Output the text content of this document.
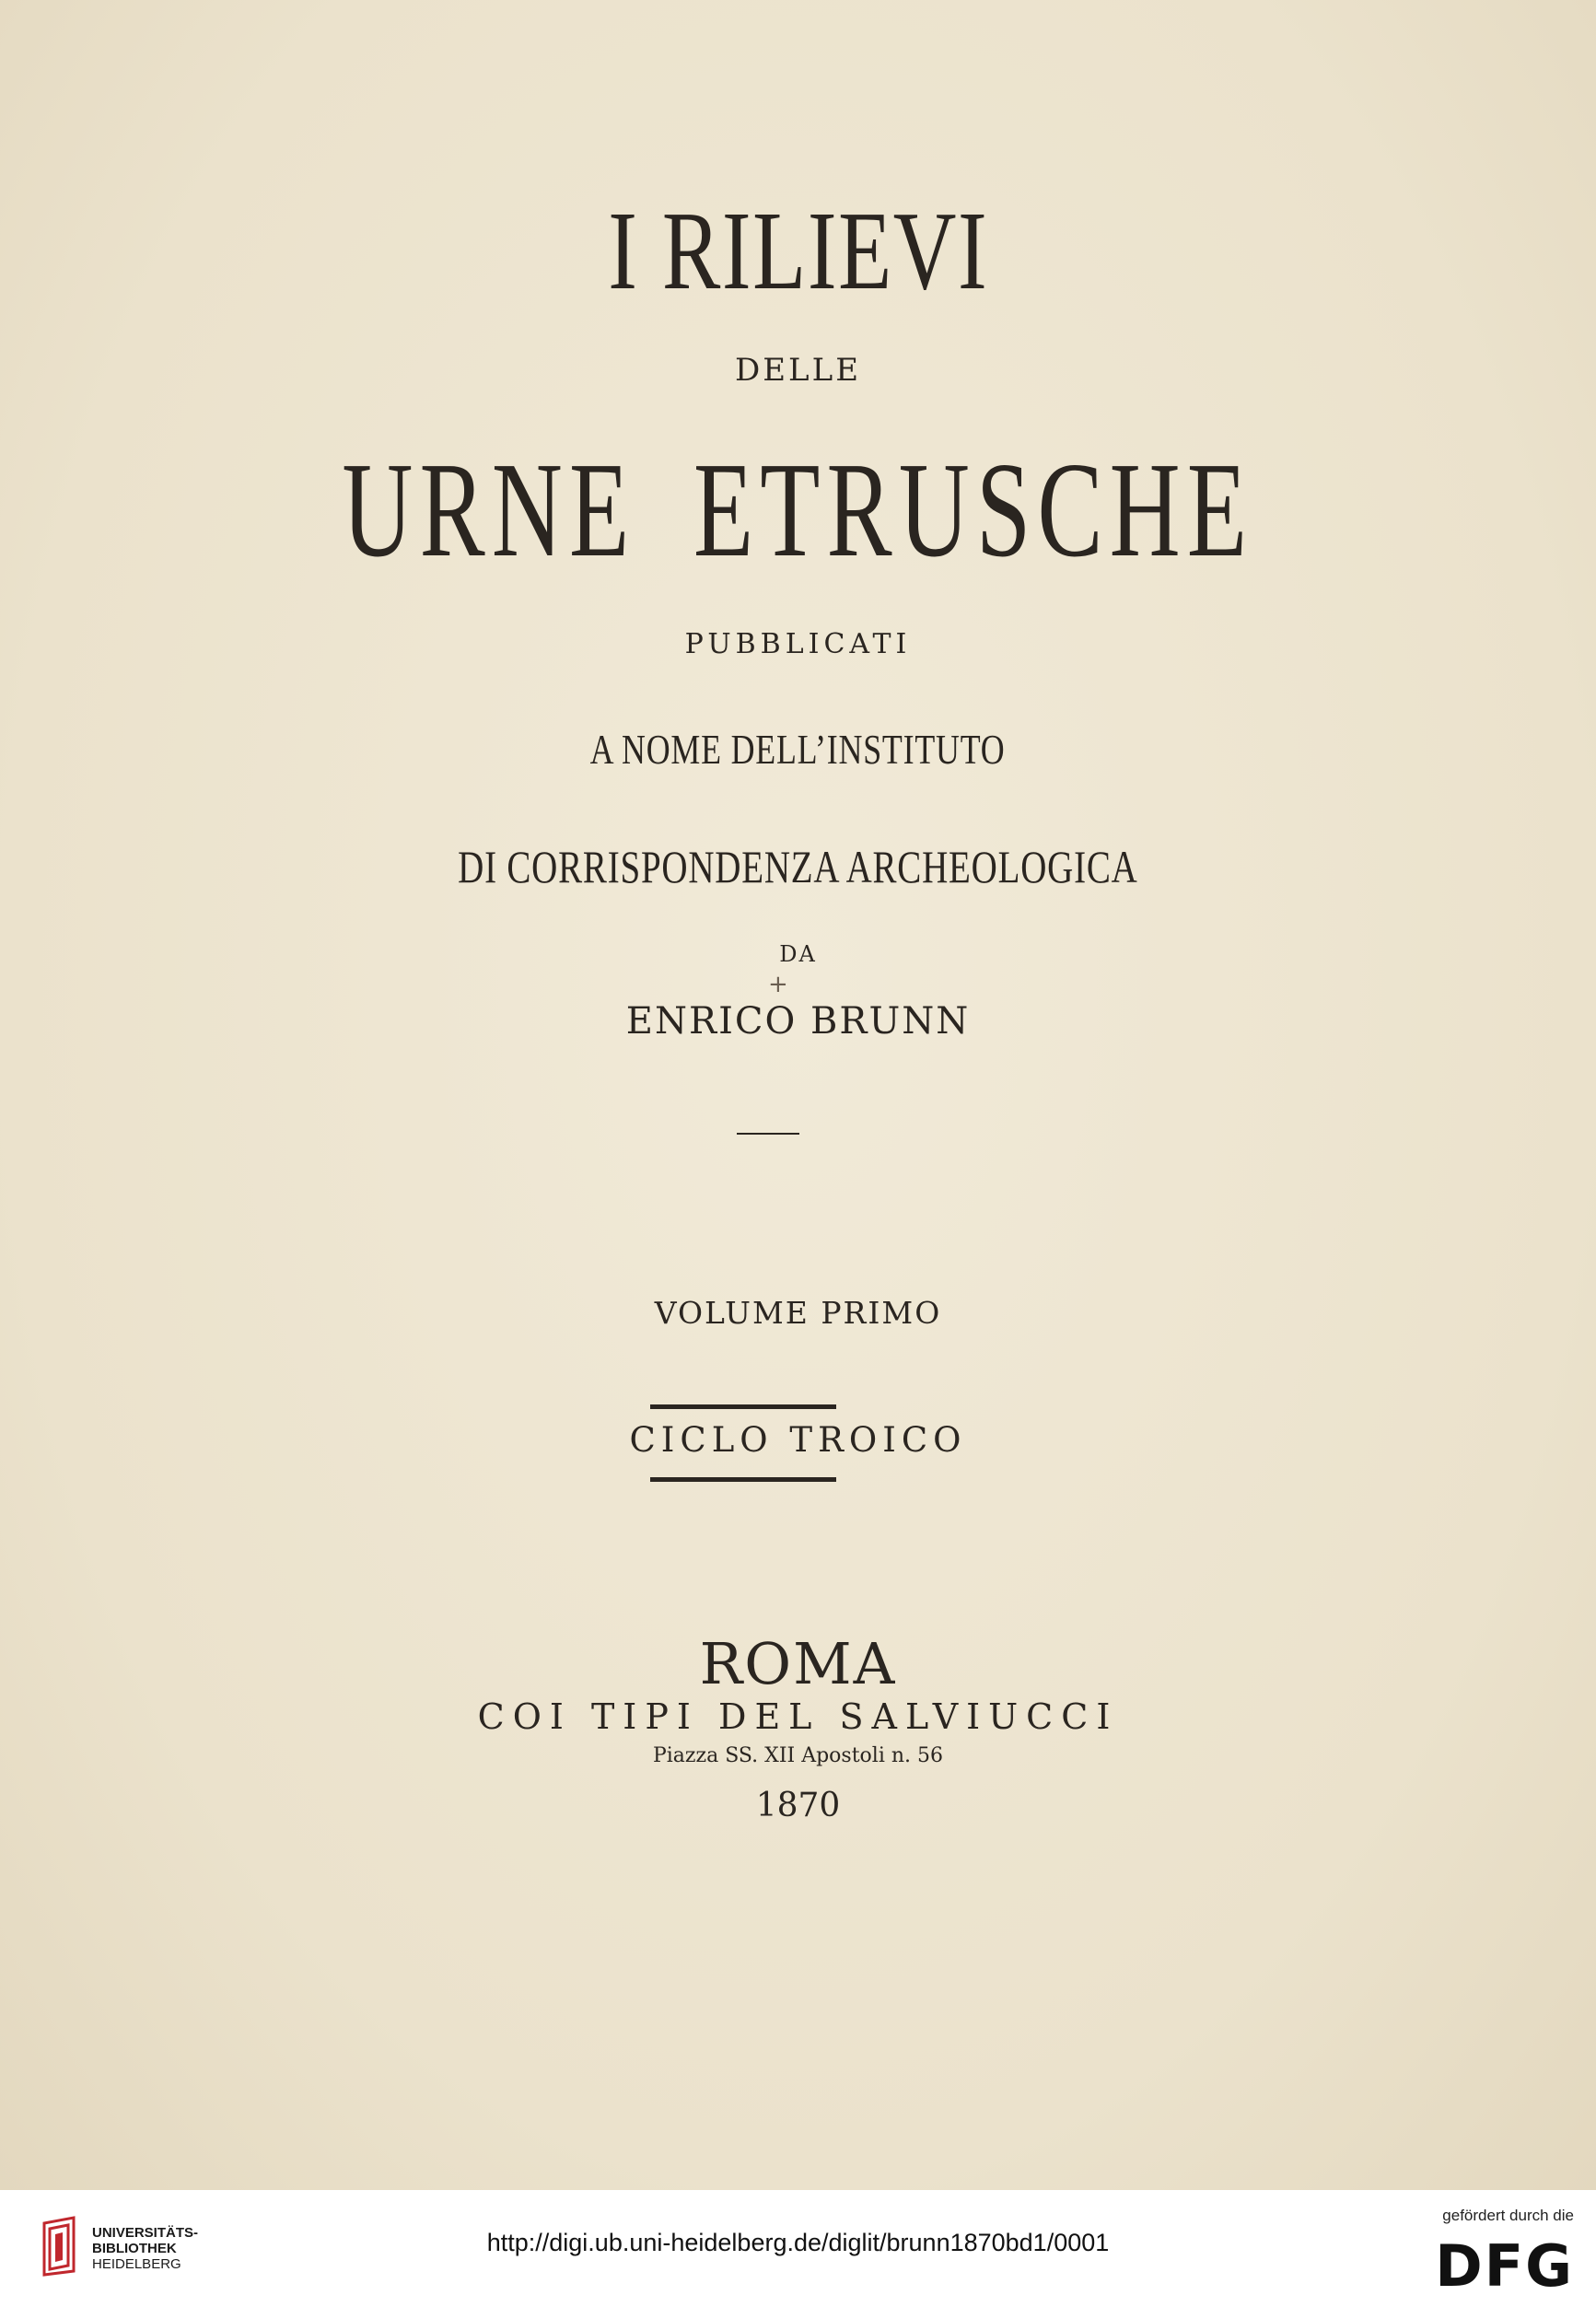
I RILIEVI
DELLE
URNE ETRUSCHE
PUBBLICATI
A NOME DELL’INSTITUTO
DI CORRISPONDENZA ARCHEOLOGICA
DA
+
ENRICO BRUNN
VOLUME PRIMO
CICLO TROICO
ROMA
COI TIPI DEL SALVIUCCI
Piazza SS. XII Apostoli n. 56
1870
UNIVERSITÄTS-
BIBLIOTHEK
HEIDELBERG
http://digi.ub.uni-heidelberg.de/diglit/brunn1870bd1/0001
gefördert durch die
DFG
